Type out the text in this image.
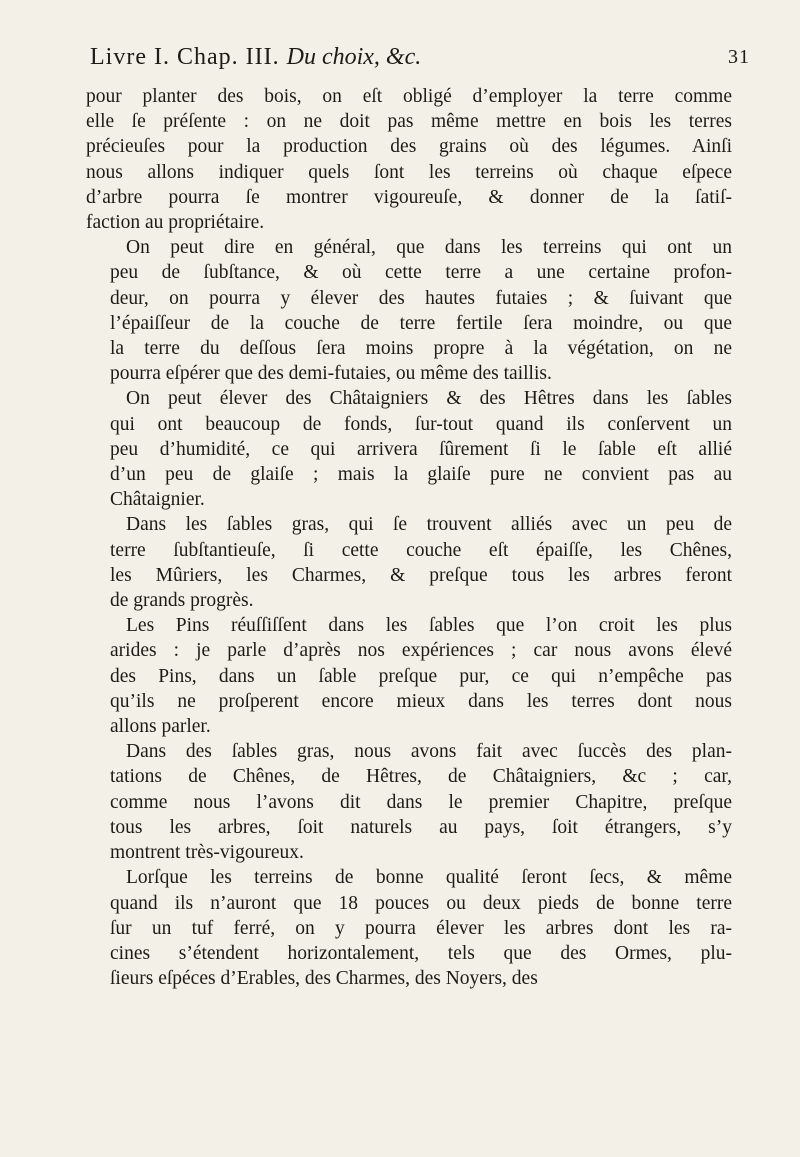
Livre I. Chap. III. Du choix, &c.	31

pour planter des bois, on eſt obligé d’employer la terre comme
elle ſe préſente : on ne doit pas même mettre en bois les terres
précieuſes pour la production des grains où des légumes. Ainſi
nous allons indiquer quels ſont les terreins où chaque eſpece
d’arbre pourra ſe montrer vigoureuſe, & donner de la ſatiſ-
faction au propriétaire.

On peut dire en général, que dans les terreins qui ont un
peu de ſubſtance, & où cette terre a une certaine profon-
deur, on pourra y élever des hautes futaies ; & ſuivant que
l’épaiſſeur de la couche de terre fertile ſera moindre, ou que
la terre du deſſous ſera moins propre à la végétation, on ne
pourra eſpérer que des demi-futaies, ou même des taillis.

On peut élever des Châtaigniers & des Hêtres dans les ſables
qui ont beaucoup de fonds, ſur-tout quand ils conſervent un
peu d’humidité, ce qui arrivera ſûrement ſi le ſable eſt allié
d’un peu de glaiſe ; mais la glaiſe pure ne convient pas au
Châtaignier.

Dans les ſables gras, qui ſe trouvent alliés avec un peu de
terre ſubſtantieuſe, ſi cette couche eſt épaiſſe, les Chênes,
les Mûriers, les Charmes, & preſque tous les arbres feront
de grands progrès.

Les Pins réuſſiſſent dans les ſables que l’on croit les plus
arides : je parle d’après nos expériences ; car nous avons élevé
des Pins, dans un ſable preſque pur, ce qui n’empêche pas
qu’ils ne proſperent encore mieux dans les terres dont nous
allons parler.

Dans des ſables gras, nous avons fait avec ſuccès des plan-
tations de Chênes, de Hêtres, de Châtaigniers, &c ; car,
comme nous l’avons dit dans le premier Chapitre, preſque
tous les arbres, ſoit naturels au pays, ſoit étrangers, s’y
montrent très-vigoureux.

Lorſque les terreins de bonne qualité ſeront ſecs, & même
quand ils n’auront que 18 pouces ou deux pieds de bonne terre
ſur un tuf ferré, on y pourra élever les arbres dont les ra-
cines s’étendent horizontalement, tels que des Ormes, plu-
ſieurs eſpéces d’Erables, des Charmes, des Noyers, des
